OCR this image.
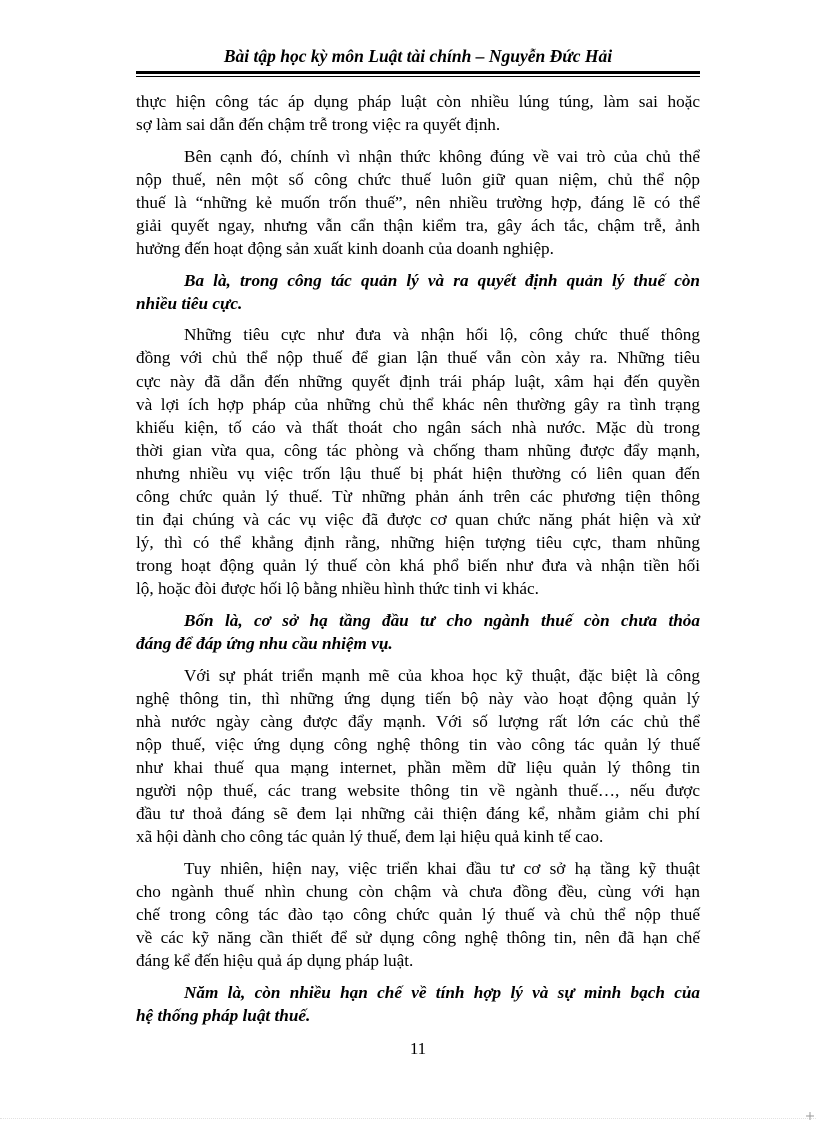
Bài tập học kỳ môn Luật tài chính – Nguyễn Đức Hải

thực hiện công tác áp dụng pháp luật còn nhiều lúng túng, làm sai hoặc
sợ làm sai dẫn đến chậm trễ trong việc ra quyết định.

Bên cạnh đó, chính vì nhận thức không đúng về vai trò của chủ thể
nộp thuế, nên một số công chức thuế luôn giữ quan niệm, chủ thể nộp
thuế là “những kẻ muốn trốn thuế”, nên nhiều trường hợp, đáng lẽ có thể
giải quyết ngay, nhưng vẫn cẩn thận kiểm tra, gây ách tắc, chậm trễ, ảnh
hưởng đến hoạt động sản xuất kinh doanh của doanh nghiệp.

Ba là, trong công tác quản lý và ra quyết định quản lý thuế còn
nhiều tiêu cực.

Những tiêu cực như đưa và nhận hối lộ, công chức thuế thông
đồng với chủ thể nộp thuế để gian lận thuế vẫn còn xảy ra. Những tiêu
cực này đã dẫn đến những quyết định trái pháp luật, xâm hại đến quyền
và lợi ích hợp pháp của những chủ thể khác nên thường gây ra tình trạng
khiếu kiện, tố cáo và thất thoát cho ngân sách nhà nước. Mặc dù trong
thời gian vừa qua, công tác phòng và chống tham nhũng được đẩy mạnh,
nhưng nhiều vụ việc trốn lậu thuế bị phát hiện thường có liên quan đến
công chức quản lý thuế. Từ những phản ánh trên các phương tiện thông
tin đại chúng và các vụ việc đã được cơ quan chức năng phát hiện và xử
lý, thì có thể khẳng định rằng, những hiện tượng tiêu cực, tham nhũng
trong hoạt động quản lý thuế còn khá phổ biến như đưa và nhận tiền hối
lộ, hoặc đòi được hối lộ bằng nhiều hình thức tinh vi khác.

Bốn là, cơ sở hạ tầng đầu tư cho ngành thuế còn chưa thỏa
đáng để đáp ứng nhu cầu nhiệm vụ.

Với sự phát triển mạnh mẽ của khoa học kỹ thuật, đặc biệt là công
nghệ thông tin, thì những ứng dụng tiến bộ này vào hoạt động quản lý
nhà nước ngày càng được đẩy mạnh. Với số lượng rất lớn các chủ thể
nộp thuế, việc ứng dụng công nghệ thông tin vào công tác quản lý thuế
như khai thuế qua mạng internet, phần mềm dữ liệu quản lý thông tin
người nộp thuế, các trang website thông tin về ngành thuế…, nếu được
đầu tư thoả đáng sẽ đem lại những cải thiện đáng kể, nhằm giảm chi phí
xã hội dành cho công tác quản lý thuế, đem lại hiệu quả kinh tế cao.

Tuy nhiên, hiện nay, việc triển khai đầu tư cơ sở hạ tầng kỹ thuật
cho ngành thuế nhìn chung còn chậm và chưa đồng đều, cùng với hạn
chế trong công tác đào tạo công chức quản lý thuế và chủ thể nộp thuế
về các kỹ năng cần thiết để sử dụng công nghệ thông tin, nên đã hạn chế
đáng kể đến hiệu quả áp dụng pháp luật.

Năm là, còn nhiều hạn chế về tính hợp lý và sự minh bạch của
hệ thống pháp luật thuế.

11
